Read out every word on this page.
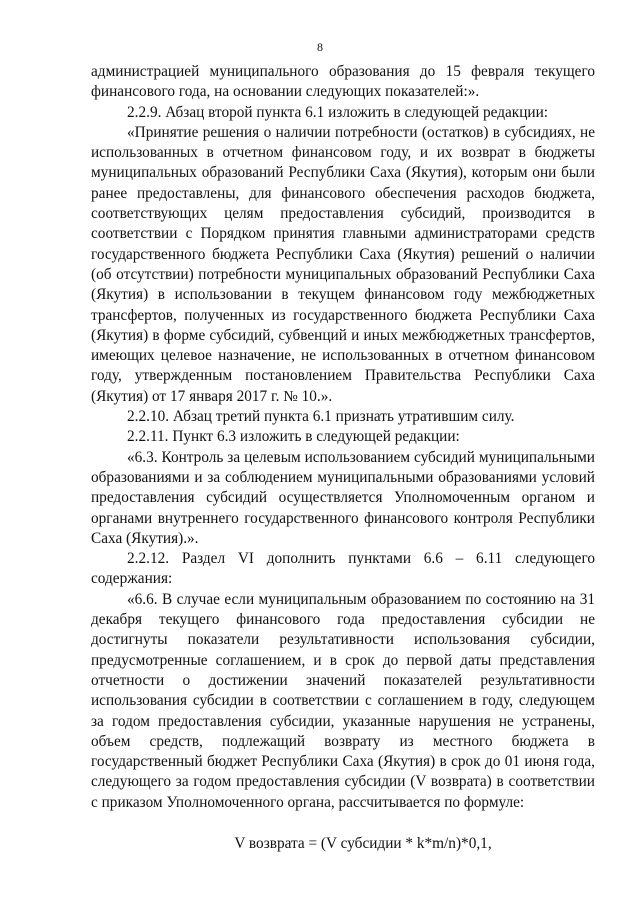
8

администрацией муниципального образования до 15 февраля текущего финансового года, на основании следующих показателей:».

2.2.9. Абзац второй пункта 6.1 изложить в следующей редакции:

«Принятие решения о наличии потребности (остатков) в субсидиях, не использованных в отчетном финансовом году, и их возврат в бюджеты муниципальных образований Республики Саха (Якутия), которым они были ранее предоставлены, для финансового обеспечения расходов бюджета, соответствующих целям предоставления субсидий, производится в соответствии с Порядком принятия главными администраторами средств государственного бюджета Республики Саха (Якутия) решений о наличии (об отсутствии) потребности муниципальных образований Республики Саха (Якутия) в использовании в текущем финансовом году межбюджетных трансфертов, полученных из государственного бюджета Республики Саха (Якутия) в форме субсидий, субвенций и иных межбюджетных трансфертов, имеющих целевое назначение, не использованных в отчетном финансовом году, утвержденным постановлением Правительства Республики Саха (Якутия) от 17 января 2017 г. № 10.».

2.2.10. Абзац третий пункта 6.1 признать утратившим силу.

2.2.11. Пункт 6.3 изложить в следующей редакции:

«6.3. Контроль за целевым использованием субсидий муниципальными образованиями и за соблюдением муниципальными образованиями условий предоставления субсидий осуществляется Уполномоченным органом и органами внутреннего государственного финансового контроля Республики Саха (Якутия).».

2.2.12. Раздел VI дополнить пунктами 6.6 – 6.11 следующего содержания:

«6.6. В случае если муниципальным образованием по состоянию на 31 декабря текущего финансового года предоставления субсидии не достигнуты показатели результативности использования субсидии, предусмотренные соглашением, и в срок до первой даты представления отчетности о достижении значений показателей результативности использования субсидии в соответствии с соглашением в году, следующем за годом предоставления субсидии, указанные нарушения не устранены, объем средств, подлежащий возврату из местного бюджета в государственный бюджет Республики Саха (Якутия) в срок до 01 июня года, следующего за годом предоставления субсидии (V возврата) в соответствии с приказом Уполномоченного органа, рассчитывается по формуле:

V возврата = (V субсидии * k*m/n)*0,1,
